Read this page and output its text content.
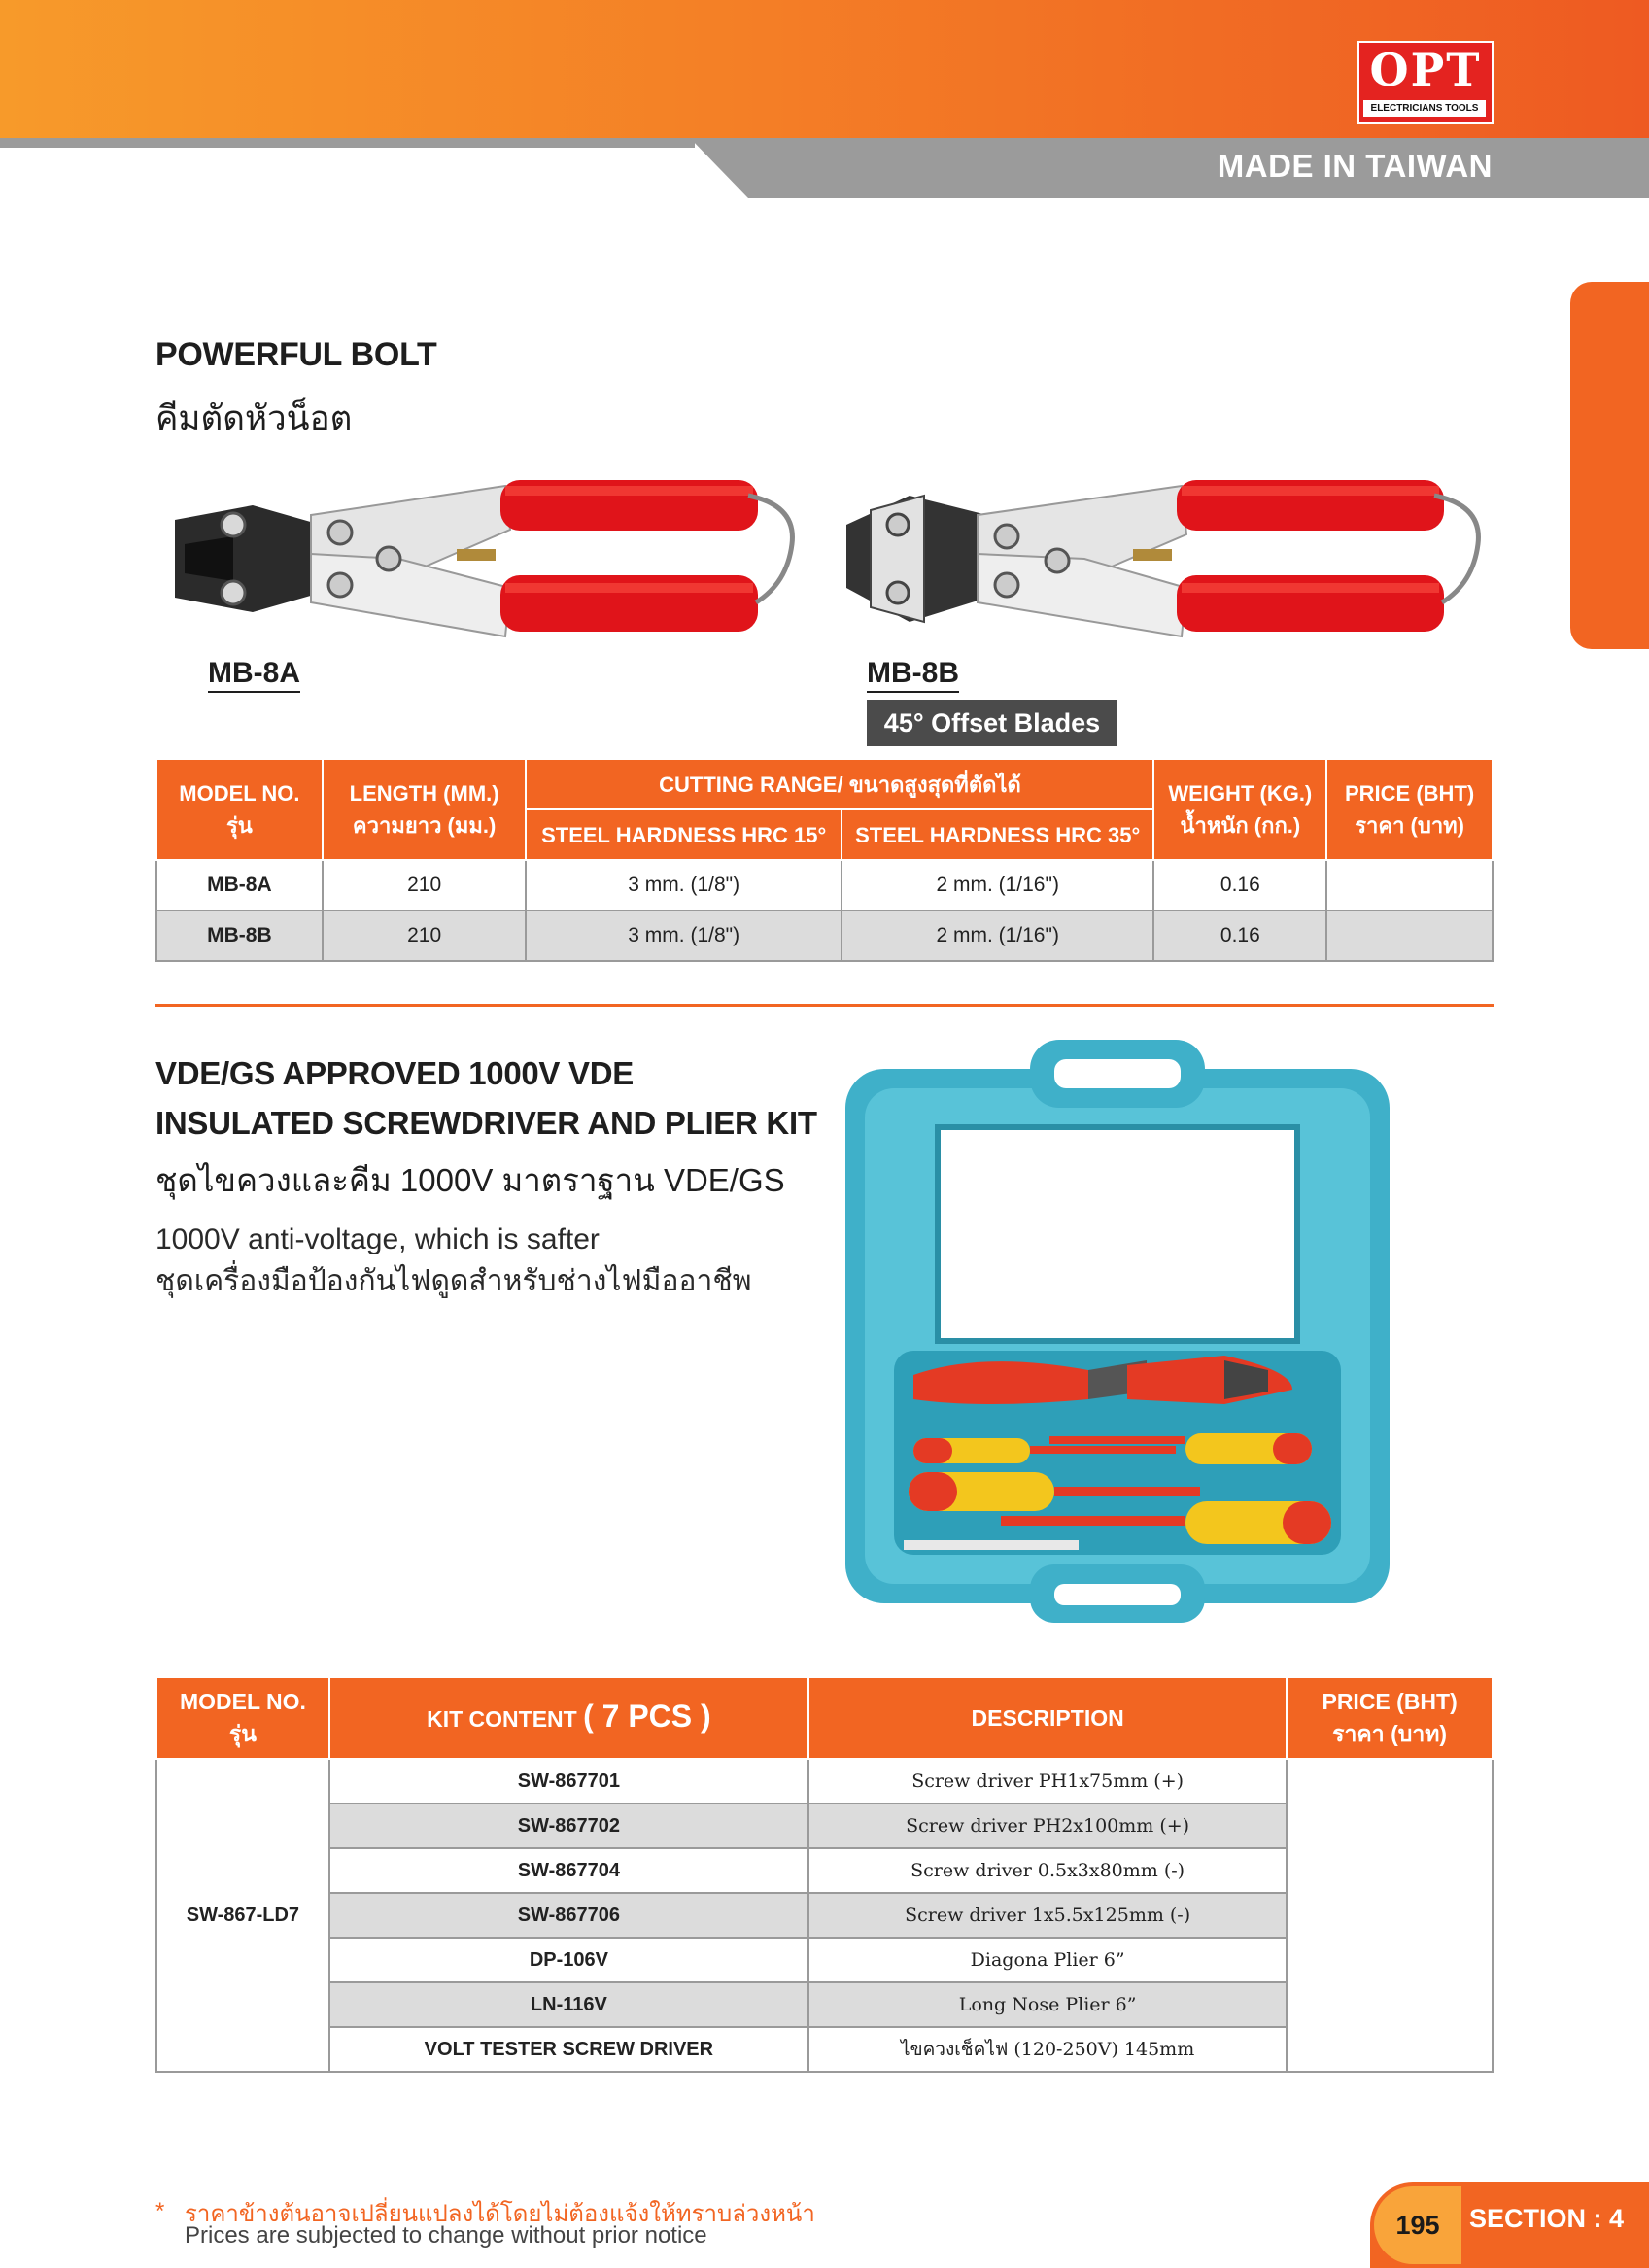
MADE IN TAIWAN
OPT
ELECTRICIANS TOOLS
POWERFUL BOLT
คีมตัดหัวน็อต
MB-8A	MB-8B
45° Offset Blades
MODEL NO.
รุ่น	LENGTH (MM.)
ความยาว (มม.)	CUTTING RANGE/ ขนาดสูงสุดที่ตัดได้		WEIGHT (KG.)
น้ำหนัก (กก.)	PRICE (BHT)
ราคา (บาท)
		STEEL HARDNESS HRC 15°	STEEL HARDNESS HRC 35°		
MB-8A	210	3 mm. (1/8")	2 mm. (1/16")	0.16	
MB-8B	210	3 mm. (1/8")	2 mm. (1/16")	0.16	
VDE/GS APPROVED 1000V VDE
INSULATED SCREWDRIVER AND PLIER KIT
ชุดไขควงและคีม 1000V มาตราฐาน VDE/GS
1000V anti-voltage, which is safter
ชุดเครื่องมือป้องกันไฟดูดสำหรับช่างไฟมืออาชีพ
MODEL NO.
รุ่น	KIT CONTENT ( 7 PCS )	DESCRIPTION	PRICE (BHT)
ราคา (บาท)
SW-867-LD7	SW-867701	Screw driver PH1x75mm (+)	
	SW-867702	Screw driver PH2x100mm (+)	
	SW-867704	Screw driver 0.5x3x80mm (-)	
	SW-867706	Screw driver 1x5.5x125mm (-)	
	DP-106V	Diagona Plier 6”	
	LN-116V	Long Nose Plier 6”	
	VOLT TESTER SCREW DRIVER	ไขควงเช็คไฟ (120-250V) 145mm	
* ราคาข้างต้นอาจเปลี่ยนแปลงได้โดยไม่ต้องแจ้งให้ทราบล่วงหน้า
Prices are subjected to change without prior notice	195	SECTION : 4
